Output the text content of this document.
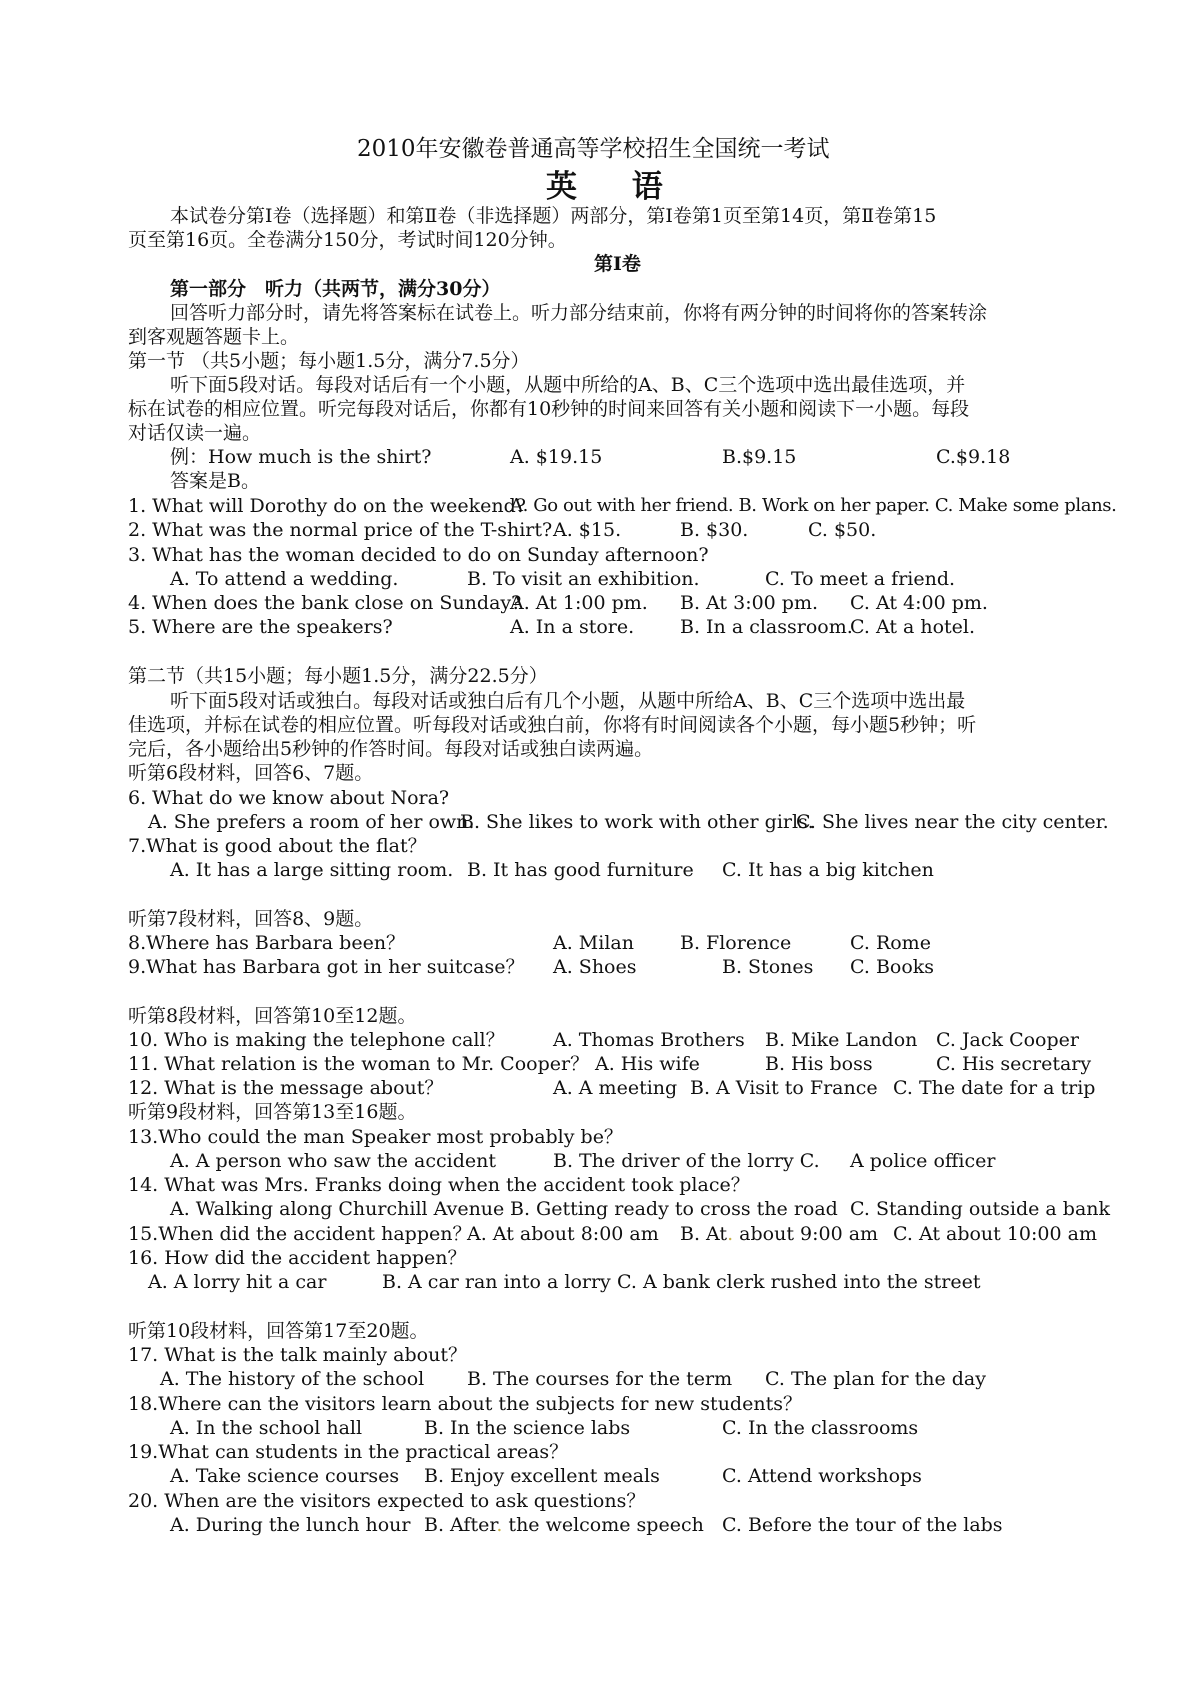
2010年安徽卷普通高等学校招生全国统一考试
英 语
本试卷分第Ⅰ卷（选择题）和第Ⅱ卷（非选择题）两部分，第Ⅰ卷第1页至第14页，第Ⅱ卷第15
页至第16页。全卷满分150分，考试时间120分钟。
第Ⅰ卷
第一部分　听力（共两节，满分30分）
回答听力部分时，请先将答案标在试卷上。听力部分结束前，你将有两分钟的时间将你的答案转涂
到客观题答题卡上。
第一节 （共5小题；每小题1.5分，满分7.5分）
听下面5段对话。每段对话后有一个小题，从题中所给的A、B、C三个选项中选出最佳选项，并
标在试卷的相应位置。听完每段对话后，你都有10秒钟的时间来回答有关小题和阅读下一小题。每段
对话仅读一遍。
例：How much is the shirt?	A. $19.15	B.$9.15	C.$9.18
答案是B。
1. What will Dorothy do on the weekend?
A. Go out with her friend. B. Work on her paper. C. Make some plans.
2. What was the normal price of the T-shirt? A. $15.	B. $30.	C. $50.
3. What has the woman decided to do on Sunday afternoon?
A. To attend a wedding.	B. To visit an exhibition.	C. To meet a friend.
4. When does the bank close on Sunday?
A. At 1:00 pm. B. At 3:00 pm. C. At 4:00 pm.
5. Where are the speakers?	A. In a store. B. In a classroom.
C. At a hotel.
第二节（共15小题；每小题1.5分，满分22.5分）
听下面5段对话或独白。每段对话或独白后有几个小题，从题中所给A、B、C三个选项中选出最
佳选项，并标在试卷的相应位置。听每段对话或独白前，你将有时间阅读各个小题，每小题5秒钟；听
完后，各小题给出5秒钟的作答时间。每段对话或独白读两遍。
听第6段材料，回答6、7题。
6. What do we know about Nora?
A. She prefers a room of her own.
B. She likes to work with other girls.
C. She lives near the city center.
7.What is good about the flat？
A. It has a large sitting room. B. It has good furniture C. It has a big kitchen
听第7段材料，回答8、9题。
8.Where has Barbara been？	A. Milan B. Florence	C. Rome
9.What has Barbara got in her suitcase？ A. Shoes	B. Stones C. Books
听第8段材料，回答第10至12题。
10. Who is making the telephone call？	A. Thomas Brothers B. Mike Landon C. Jack Cooper
11. What relation is the woman to Mr. Cooper？ A. His wife	B. His boss	C. His secretary
12. What is the message about？	A. A meeting B. A Visit to France C. The date for a trip
听第9段材料，回答第13至16题。
13.Who could the man Speaker most probably be？
A. A person who saw the accident	B. The driver of the lorry C. A police officer
14. What was Mrs. Franks doing when the accident took place？
A. Walking along Churchill Avenue B. Getting ready to cross the road C. Standing outside a bank
15.When did the accident happen？
A. At about 8:00 am B. At. about 9:00 am C. At about 10:00 am
16. How did the accident happen？
A. A lorry hit a car	B. A car ran into a lorry C. A bank clerk rushed into the street
听第10段材料，回答第17至20题。
17. What is the talk mainly about？
A. The history of the school B. The courses for the term C. The plan for the day
18.Where can the visitors learn about the subjects for new students？
A. In the school hall	B. In the science labs	C. In the classrooms
19.What can students in the practical areas？
A. Take science courses B. Enjoy excellent meals	C. Attend workshops
20. When are the visitors expected to ask questions？
A. During the lunch hour B. After. the welcome speech C. Before the tour of the labs
